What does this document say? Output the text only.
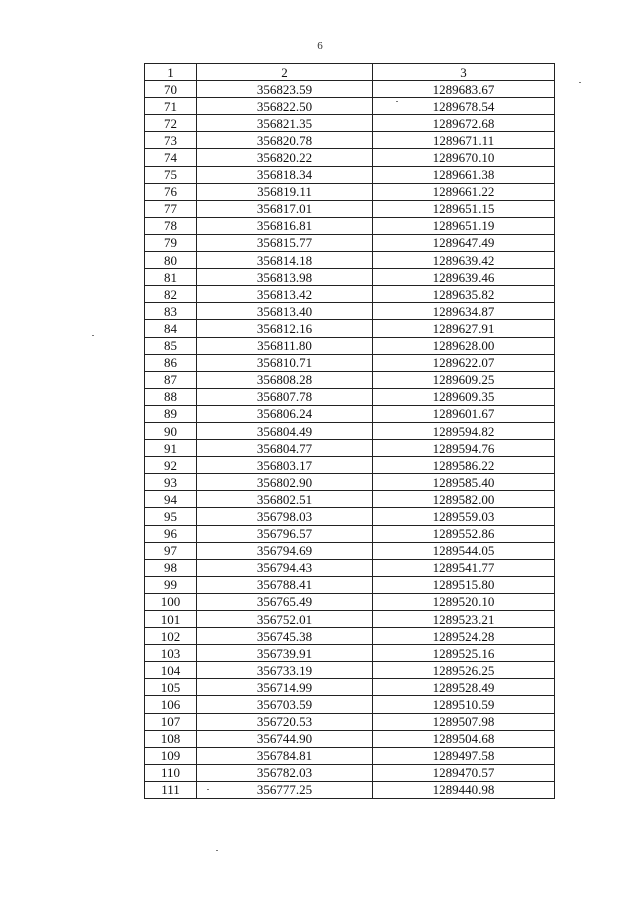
6
1	2	3
70	356823.59	1289683.67
71	356822.50	1289678.54
72	356821.35	1289672.68
73	356820.78	1289671.11
74	356820.22	1289670.10
75	356818.34	1289661.38
76	356819.11	1289661.22
77	356817.01	1289651.15
78	356816.81	1289651.19
79	356815.77	1289647.49
80	356814.18	1289639.42
81	356813.98	1289639.46
82	356813.42	1289635.82
83	356813.40	1289634.87
84	356812.16	1289627.91
85	356811.80	1289628.00
86	356810.71	1289622.07
87	356808.28	1289609.25
88	356807.78	1289609.35
89	356806.24	1289601.67
90	356804.49	1289594.82
91	356804.77	1289594.76
92	356803.17	1289586.22
93	356802.90	1289585.40
94	356802.51	1289582.00
95	356798.03	1289559.03
96	356796.57	1289552.86
97	356794.69	1289544.05
98	356794.43	1289541.77
99	356788.41	1289515.80
100	356765.49	1289520.10
101	356752.01	1289523.21
102	356745.38	1289524.28
103	356739.91	1289525.16
104	356733.19	1289526.25
105	356714.99	1289528.49
106	356703.59	1289510.59
107	356720.53	1289507.98
108	356744.90	1289504.68
109	356784.81	1289497.58
110	356782.03	1289470.57
111	356777.25	1289440.98
